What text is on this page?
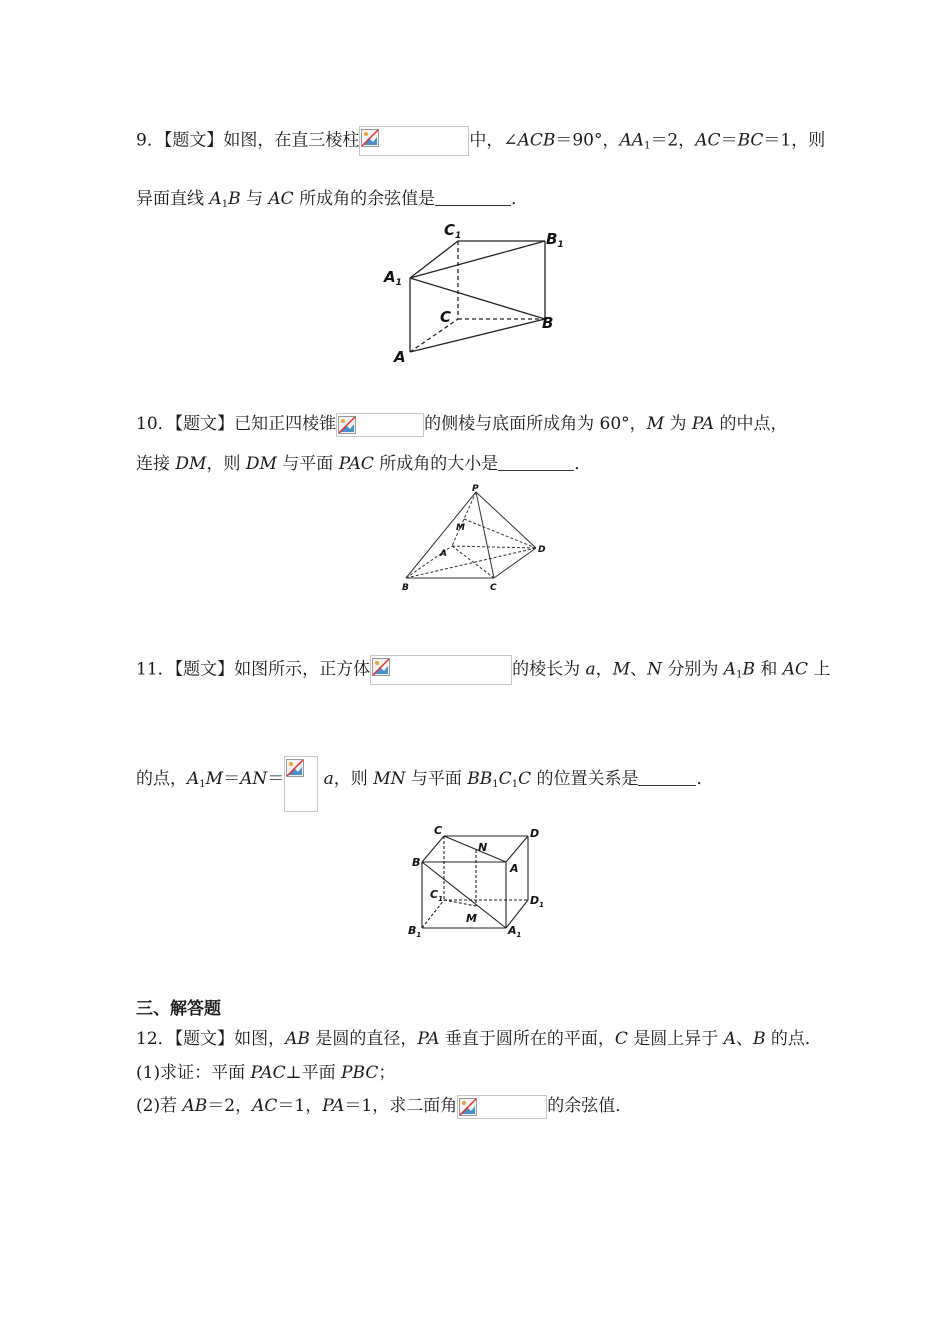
9．【题文】如图，在直三棱柱	中，∠ACB＝90°，$AA_1=2$，AC＝BC＝1，则
异面直线 $A_1B$ 与 AC 所成角的余弦值是	．
$C_1$	$B_1$
$A_1$
C	B
A
10．【题文】已知正四棱锥	的侧棱与底面所成角为 60°，M 为 PA 的中点，
连接 DM，则 DM 与平面 PAC 所成角的大小是	．
P
M
A	D
B	C
11．【题文】如图所示，正方体	的棱长为 a，M、N 分别为 $A_1B$ 和 AC 上
的点，$A_1M=AN= a$，则 MN 与平面 $BB_1C_1C$ 的位置关系是	．
C	D
N
B	A
$C_1$	$D_1$
M
$B_1$	$A_1$
三、解答题
12．【题文】如图，AB 是圆的直径，PA 垂直于圆所在的平面，C 是圆上异于 A、B 的点．
(1)求证：平面 PAC⊥平面 PBC；
(2)若 AB＝2，AC＝1，PA＝1，求二面角	的余弦值．
